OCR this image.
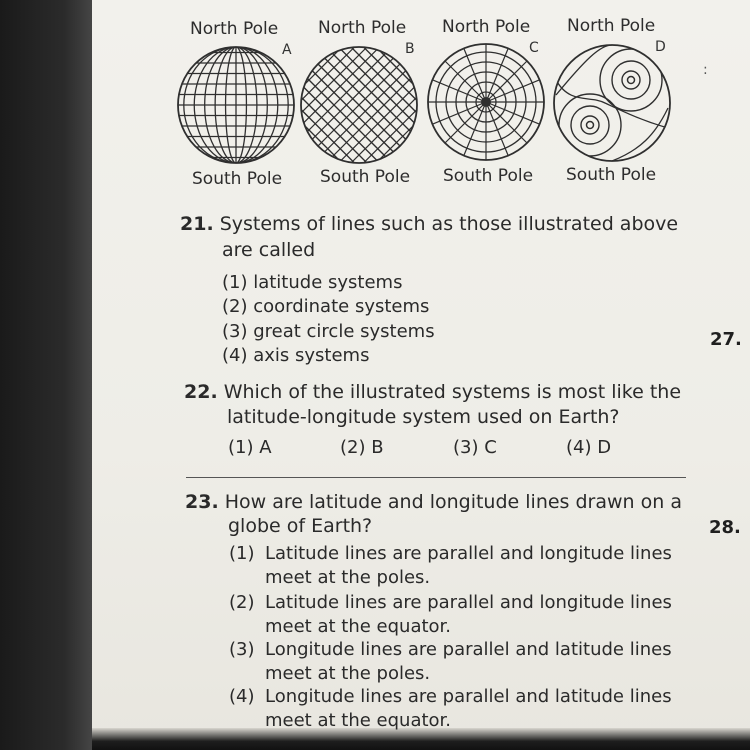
North Pole
A
South Pole
North Pole
B
South Pole
North Pole
C
South Pole
North Pole
D
South Pole
:
21. Systems of lines such as those illustrated above
are called
(1) latitude systems
(2) coordinate systems
(3) great circle systems
(4) axis systems
27.
22. Which of the illustrated systems is most like the
latitude-longitude system used on Earth?
(1) A	(2) B	(3) C	(4) D
23. How are latitude and longitude lines drawn on a
globe of Earth?	28.
(1) Latitude lines are parallel and longitude lines
meet at the poles.
(2) Latitude lines are parallel and longitude lines
meet at the equator.
(3) Longitude lines are parallel and latitude lines
meet at the poles.
(4) Longitude lines are parallel and latitude lines
meet at the equator.
